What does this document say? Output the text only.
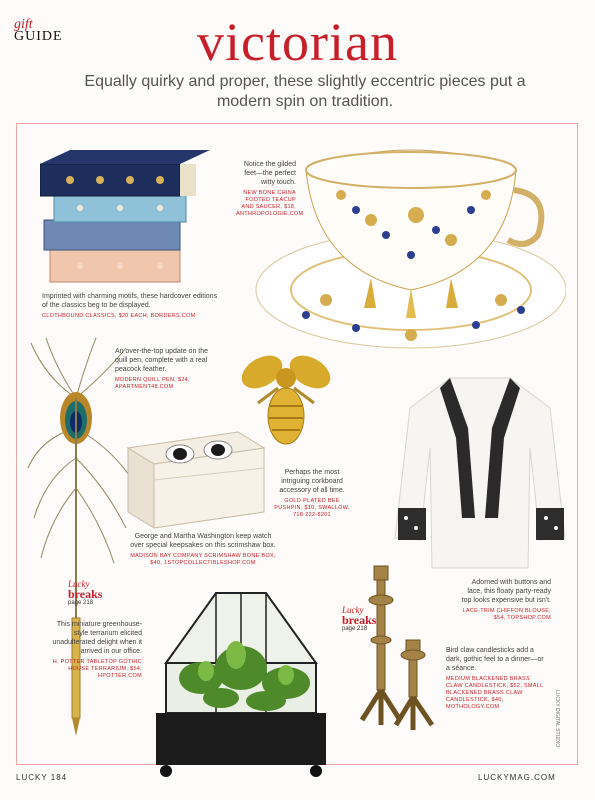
gift
GUIDE	victorian
Equally quirky and proper, these slightly eccentric pieces put a modern spin on tradition.
Imprinted with charming motifs, these hardcover editions of the classics beg to be displayed.
CLOTHBOUND CLASSICS, $20 EACH, BORDERS.COM
Notice the gilded feet—the perfect witty touch.
NEW BONE CHINA FOOTED TEACUP AND SAUCER, $18, ANTHROPOLOGIE.COM
An over-the-top update on the quill pen, complete with a real peacock feather.
MODERN QUILL PEN, $24, APARTMENT48.COM
Perhaps the most intriguing corkboard accessory of all time.
GOLD-PLATED BEE PUSHPIN, $10, SWALLOW, 718-222-8201
George and Martha Washington keep watch over special keepsakes on this scrimshaw box.
MADISON BAY COMPANY SCRIMSHAW BONE BOX, $40, 1STOPCOLLECTIBLESHOP.COM
Adorned with buttons and lace, this floaty party-ready top looks expensive but isn't.
LACE-TRIM CHIFFON BLOUSE, $54, TOPSHOP.COM
Lucky
breaks
page 218
This miniature greenhouse-style terrarium elicited unadulterated delight when it arrived in our office.
H. POTTER TABLETOP GOTHIC HOUSE TERRARIUM, $54, HPOTTER.COM
Lucky
breaks
page 218
Bird claw candlesticks add a dark, gothic feel to a dinner—or a séance.
MEDIUM BLACKENED BRASS CLAW CANDLESTICK, $52, SMALL BLACKENED BRASS CLAW CANDLESTICK, $40, MOTHOLOGY.COM	LUCKY DIGITAL STUDIO
LUCKY 184	LUCKYMAG.COM
